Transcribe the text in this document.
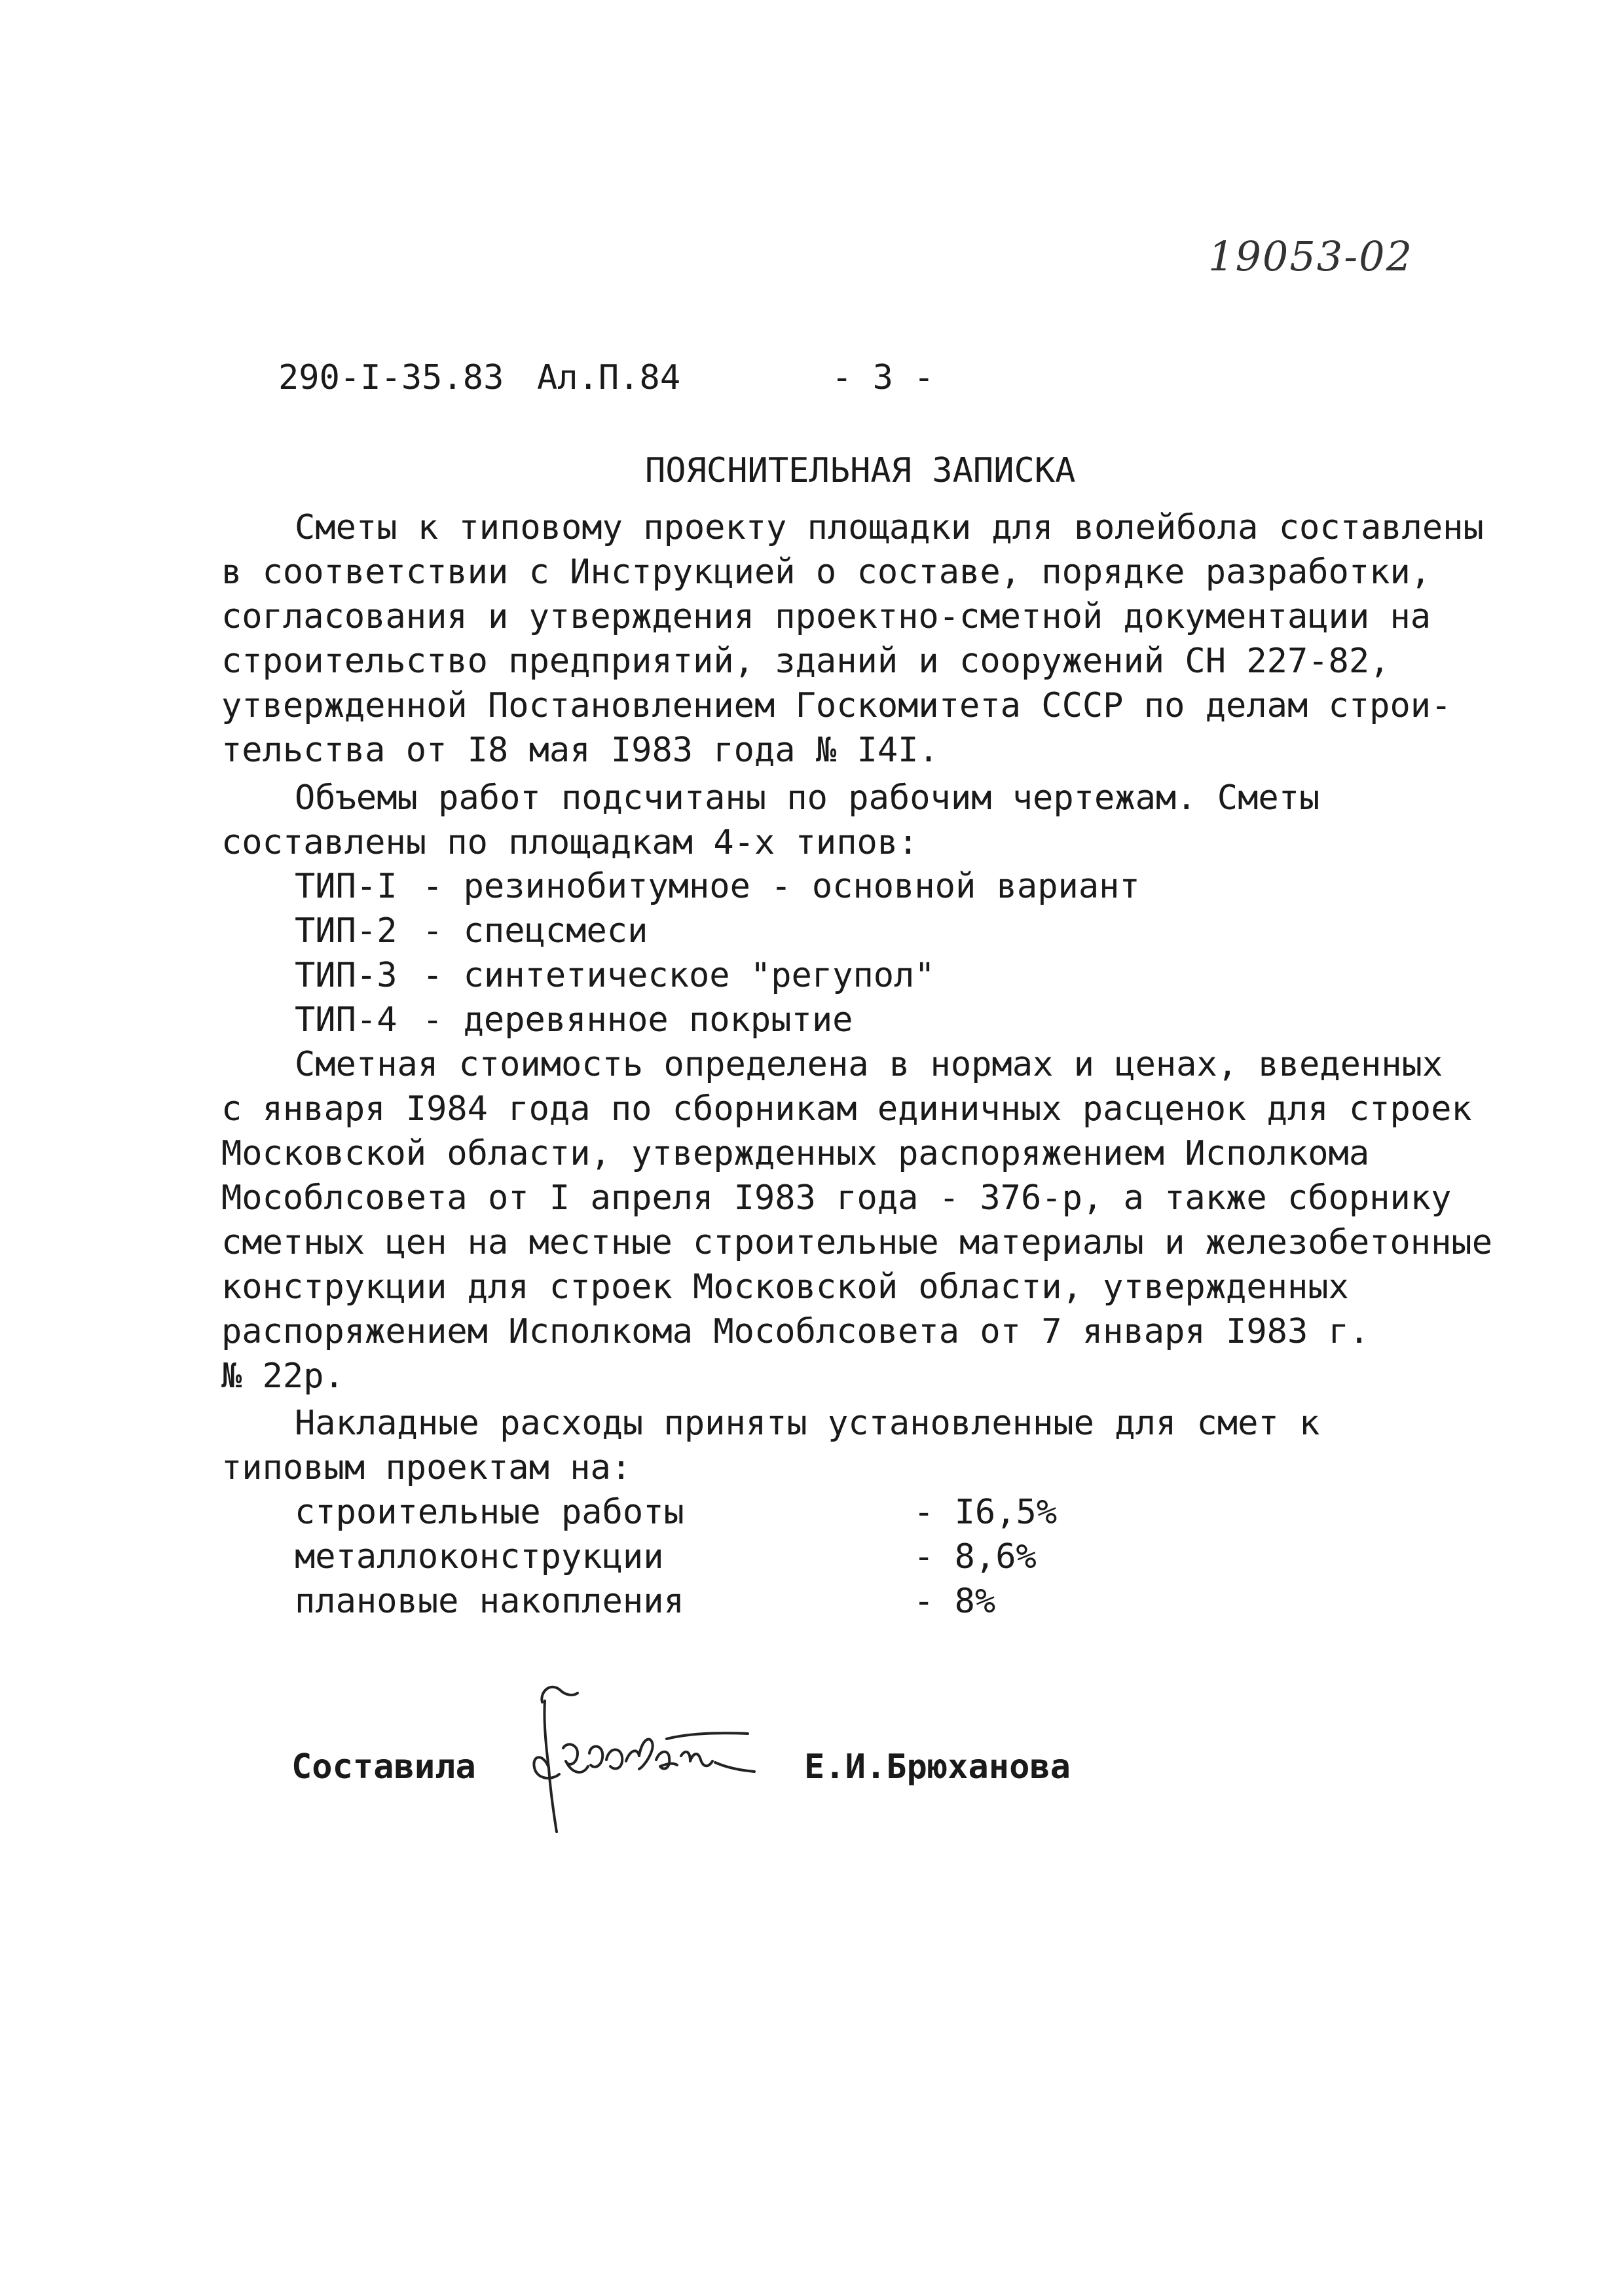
19053-02
290-I-35.83 Ал.П.84	- 3 -
ПОЯСНИТЕЛЬНАЯ ЗАПИСКА
Сметы к типовому проекту площадки для волейбола составлены
в соответствии с Инструкцией о составе, порядке разработки,
согласования и утверждения проектно-сметной документации на
строительство предприятий, зданий и сооружений СН 227-82,
утвержденной Постановлением Госкомитета СССР по делам строи-
тельства от I8 мая I983 года № I4I.
Объемы работ подсчитаны по рабочим чертежам. Сметы
составлены по площадкам 4-х типов:
ТИП-I - резинобитумное - основной вариант
ТИП-2 - спецсмеси
ТИП-3 - синтетическое "регупол"
ТИП-4 - деревянное покрытие
Сметная стоимость определена в нормах и ценах, введенных
с января I984 года по сборникам единичных расценок для строек
Московской области, утвержденных распоряжением Исполкома
Мособлсовета от I апреля I983 года - 376-р, а также сборнику
сметных цен на местные строительные материалы и железобетонные
конструкции для строек Московской области, утвержденных
распоряжением Исполкома Мособлсовета от 7 января I983 г.
№ 22р.
Накладные расходы приняты установленные для смет к
типовым проектам на:
строительные работы	- I6,5%
металлоконструкции	- 8,6%
плановые накопления	- 8%
Составила	Е.И.Брюханова
